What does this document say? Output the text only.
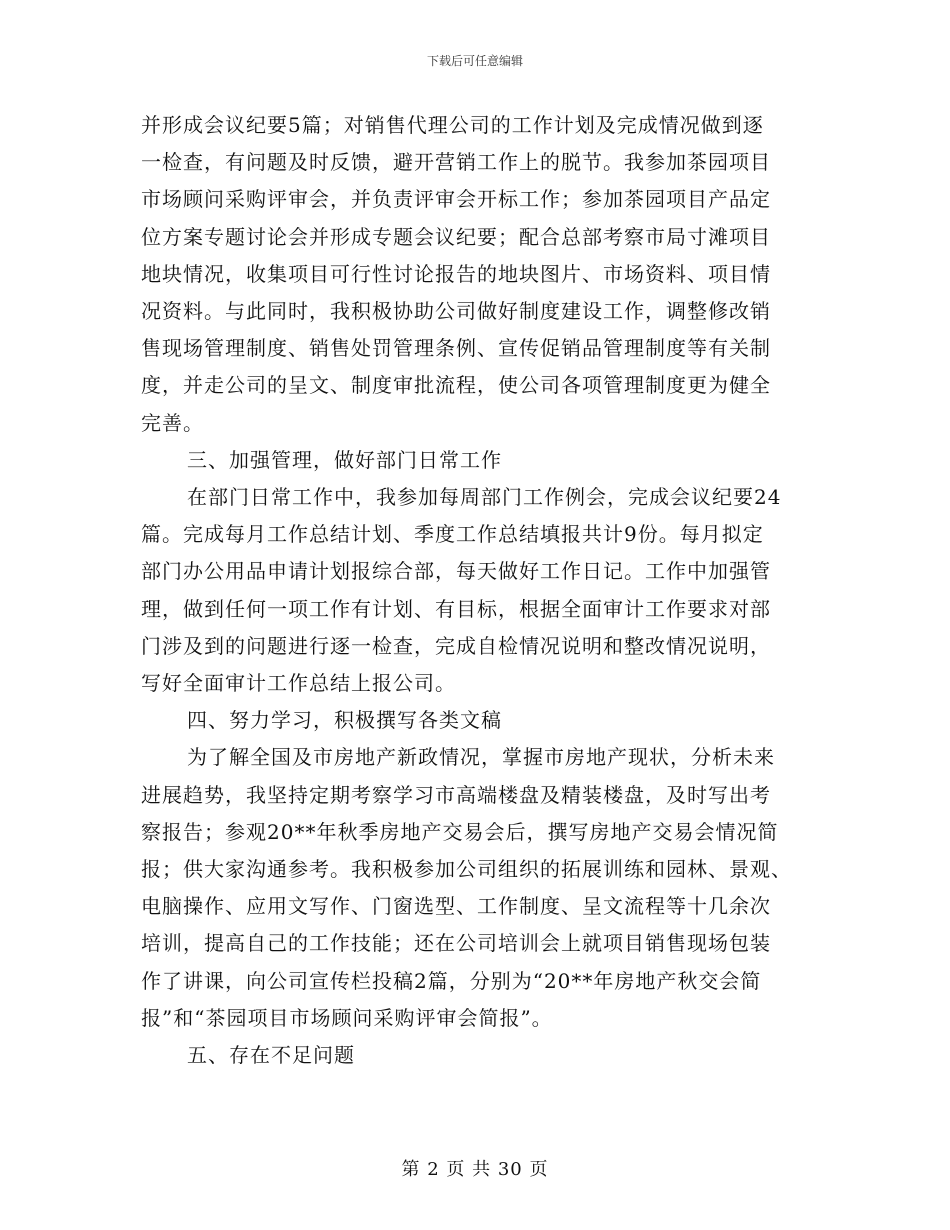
下载后可任意编辑
并形成会议纪要5篇；对销售代理公司的工作计划及完成情况做到逐
一检查，有问题及时反馈，避开营销工作上的脱节。我参加茶园项目
市场顾问采购评审会，并负责评审会开标工作；参加茶园项目产品定
位方案专题讨论会并形成专题会议纪要；配合总部考察市局寸滩项目
地块情况，收集项目可行性讨论报告的地块图片、市场资料、项目情
况资料。与此同时，我积极协助公司做好制度建设工作，调整修改销
售现场管理制度、销售处罚管理条例、宣传促销品管理制度等有关制
度，并走公司的呈文、制度审批流程，使公司各项管理制度更为健全
完善。
三、加强管理，做好部门日常工作
在部门日常工作中，我参加每周部门工作例会，完成会议纪要24
篇。完成每月工作总结计划、季度工作总结填报共计9份。每月拟定
部门办公用品申请计划报综合部，每天做好工作日记。工作中加强管
理，做到任何一项工作有计划、有目标，根据全面审计工作要求对部
门涉及到的问题进行逐一检查，完成自检情况说明和整改情况说明，
写好全面审计工作总结上报公司。
四、努力学习，积极撰写各类文稿
为了解全国及市房地产新政情况，掌握市房地产现状，分析未来
进展趋势，我坚持定期考察学习市高端楼盘及精装楼盘，及时写出考
察报告；参观20**年秋季房地产交易会后，撰写房地产交易会情况简
报；供大家沟通参考。我积极参加公司组织的拓展训练和园林、景观、
电脑操作、应用文写作、门窗选型、工作制度、呈文流程等十几余次
培训，提高自己的工作技能；还在公司培训会上就项目销售现场包装
作了讲课，向公司宣传栏投稿2篇，分别为“20**年房地产秋交会简
报”和“茶园项目市场顾问采购评审会简报”。
五、存在不足问题
第 2 页 共 30 页
